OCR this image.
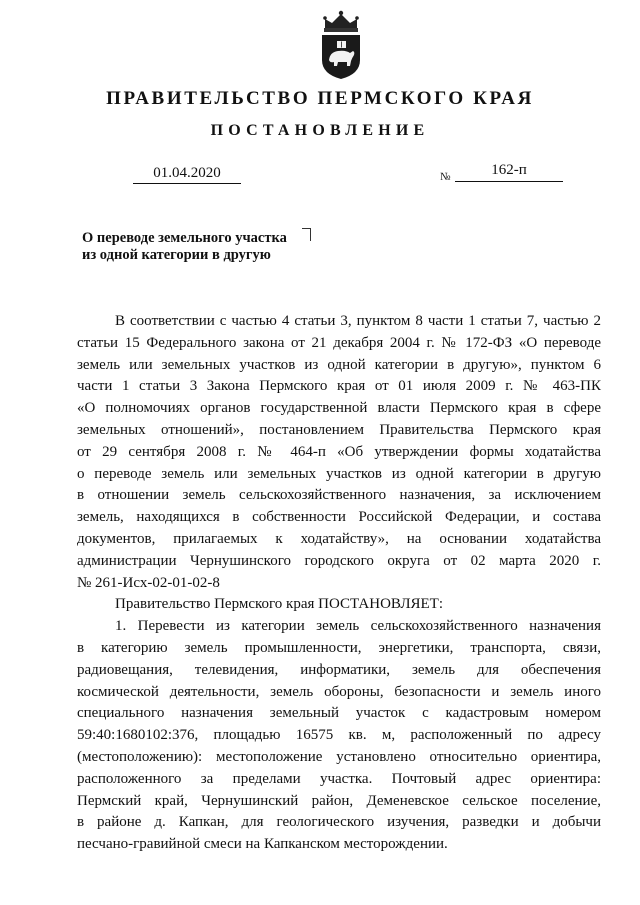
ПРАВИТЕЛЬСТВО ПЕРМСКОГО КРАЯ
ПОСТАНОВЛЕНИЕ
01.04.2020	№	162-п
О переводе земельного участка
из одной категории в другую
В соответствии с частью 4 статьи 3, пунктом 8 части 1 статьи 7, частью 2
статьи 15 Федерального закона от 21 декабря 2004 г. № 172-ФЗ «О переводе
земель или земельных участков из одной категории в другую», пунктом 6
части 1 статьи 3 Закона Пермского края от 01 июля 2009 г. № 463-ПК
«О полномочиях органов государственной власти Пермского края в сфере
земельных отношений», постановлением Правительства Пермского края
от 29 сентября 2008 г. № 464-п «Об утверждении формы ходатайства
о переводе земель или земельных участков из одной категории в другую
в отношении земель сельскохозяйственного назначения, за исключением
земель, находящихся в собственности Российской Федерации, и состава
документов, прилагаемых к ходатайству», на основании ходатайства
администрации Чернушинского городского округа от 02 марта 2020 г.
№ 261-Исх-02-01-02-8
Правительство Пермского края ПОСТАНОВЛЯЕТ:
1. Перевести из категории земель сельскохозяйственного назначения
в категорию земель промышленности, энергетики, транспорта, связи,
радиовещания, телевидения, информатики, земель для обеспечения
космической деятельности, земель обороны, безопасности и земель иного
специального назначения земельный участок с кадастровым номером
59:40:1680102:376, площадью 16575 кв. м, расположенный по адресу
(местоположению): местоположение установлено относительно ориентира,
расположенного за пределами участка. Почтовый адрес ориентира:
Пермский край, Чернушинский район, Деменевское сельское поселение,
в районе д. Капкан, для геологического изучения, разведки и добычи
песчано-гравийной смеси на Капканском месторождении.
